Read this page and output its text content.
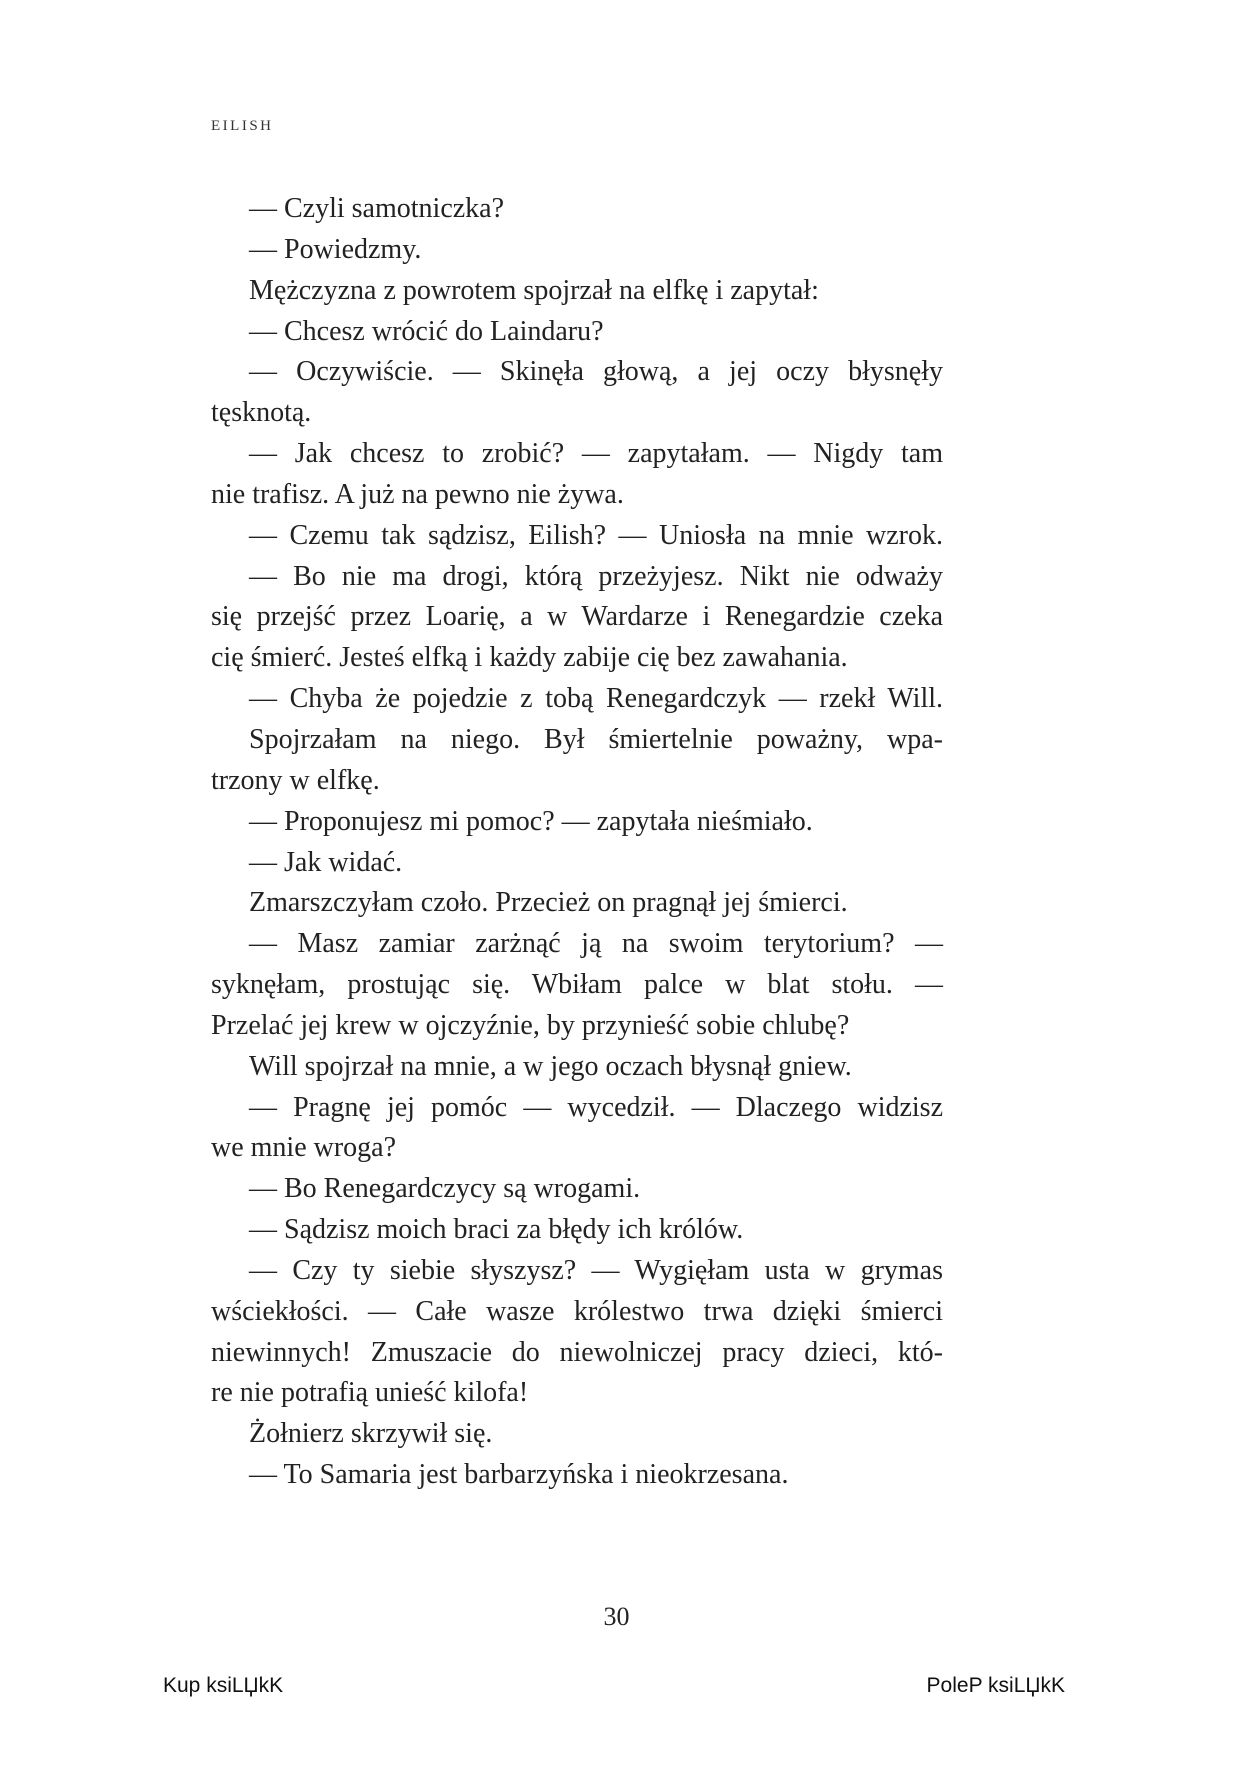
EILISH
— Czyli samotniczka?
— Powiedzmy.
Mężczyzna z powrotem spojrzał na elfkę i zapytał:
— Chcesz wrócić do Laindaru?
— Oczywiście. — Skinęła głową, a jej oczy błysnęły
tęsknotą.
— Jak chcesz to zrobić? — zapytałam. — Nigdy tam
nie trafisz. A już na pewno nie żywa.
— Czemu tak sądzisz, Eilish? — Uniosła na mnie wzrok.
— Bo nie ma drogi, którą przeżyjesz. Nikt nie odważy
się przejść przez Loarię, a w Wardarze i Renegardzie czeka
cię śmierć. Jesteś elfką i każdy zabije cię bez zawahania.
— Chyba że pojedzie z tobą Renegardczyk — rzekł Will.
Spojrzałam na niego. Był śmiertelnie poważny, wpa-
trzony w elfkę.
— Proponujesz mi pomoc? — zapytała nieśmiało.
— Jak widać.
Zmarszczyłam czoło. Przecież on pragnął jej śmierci.
— Masz zamiar zarżnąć ją na swoim terytorium? —
syknęłam, prostując się. Wbiłam palce w blat stołu. —
Przelać jej krew w ojczyźnie, by przynieść sobie chlubę?
Will spojrzał na mnie, a w jego oczach błysnął gniew.
— Pragnę jej pomóc — wycedził. — Dlaczego widzisz
we mnie wroga?
— Bo Renegardczycy są wrogami.
— Sądzisz moich braci za błędy ich królów.
— Czy ty siebie słyszysz? — Wygięłam usta w grymas
wściekłości. — Całe wasze królestwo trwa dzięki śmierci
niewinnych! Zmuszacie do niewolniczej pracy dzieci, któ-
re nie potrafią unieść kilofa!
Żołnierz skrzywił się.
— To Samaria jest barbarzyńska i nieokrzesana.
30
Kup ksiLЏkK	PoleP ksiLЏkK
